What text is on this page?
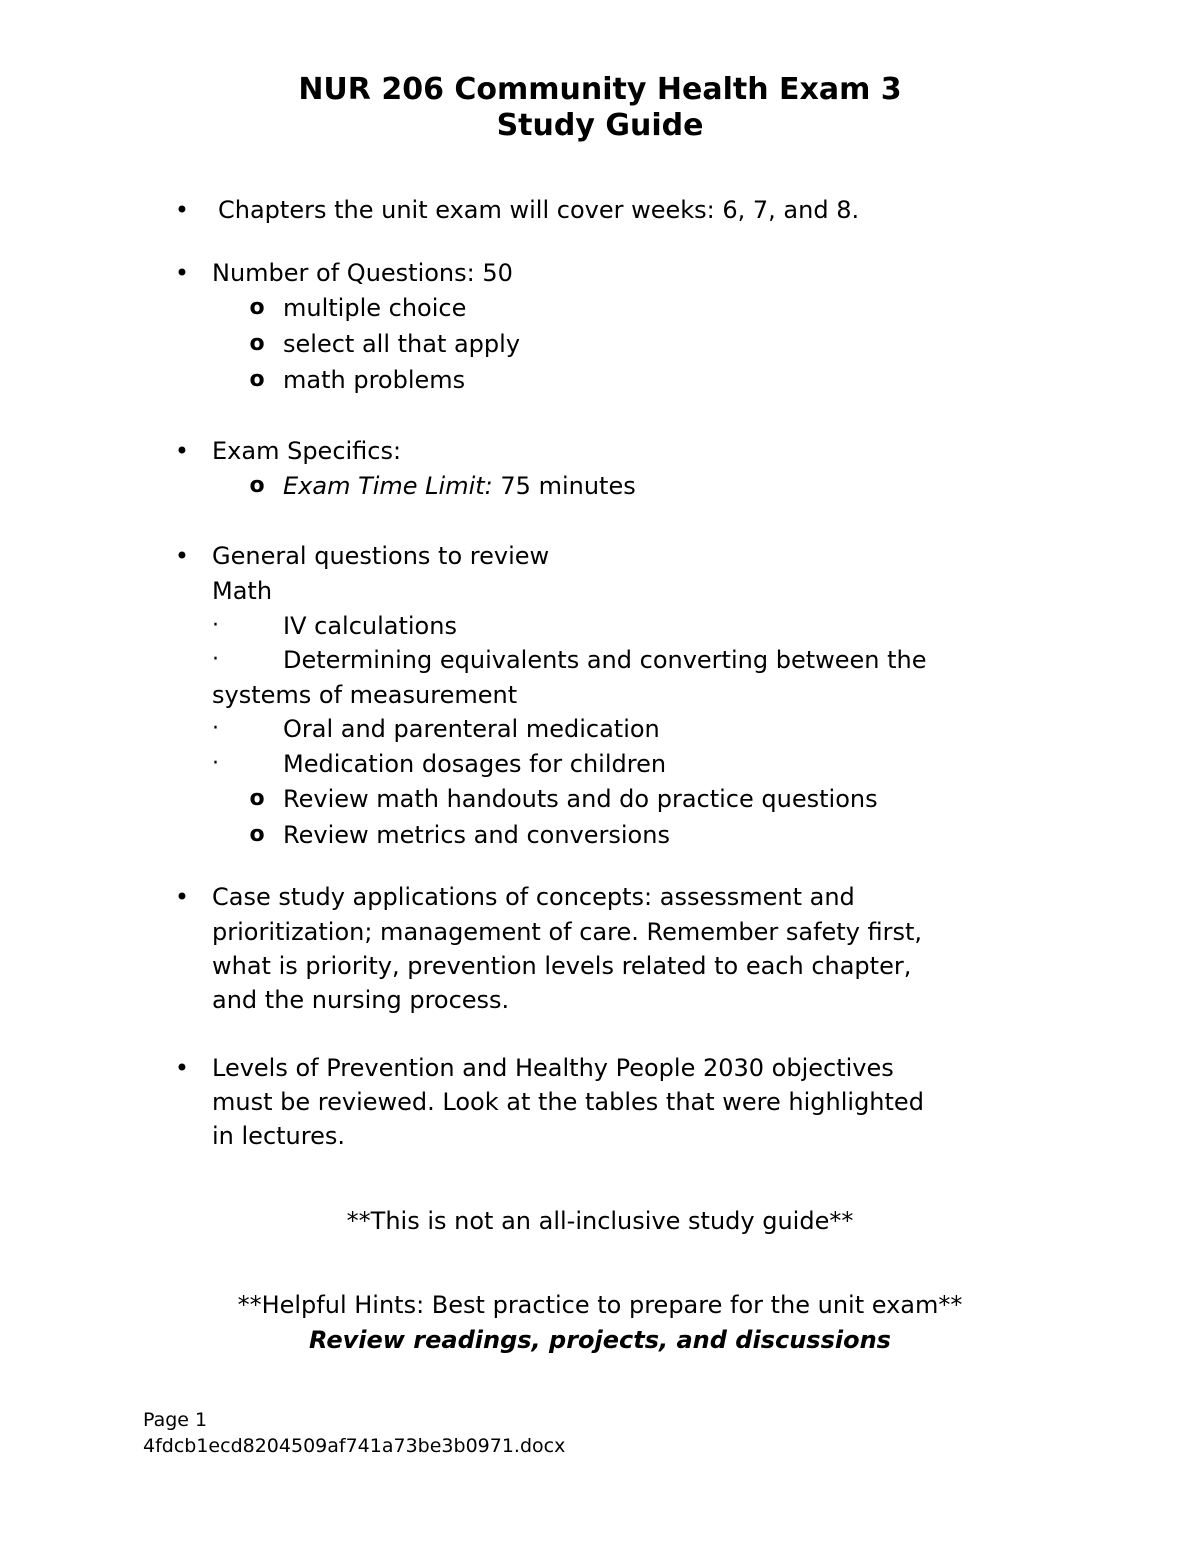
NUR 206 Community Health Exam 3
Study Guide
• Chapters the unit exam will cover weeks: 6, 7, and 8.

• Number of Questions: 50

o multiple choice

o select all that apply

o math problems

• Exam Specifics:

o Exam Time Limit: 75 minutes

• General questions to review

Math

·	IV calculations

·	Determining equivalents and converting between the

systems of measurement

·	Oral and parenteral medication

·	Medication dosages for children

o Review math handouts and do practice questions

o Review metrics and conversions

• Case study applications of concepts: assessment and

prioritization; management of care. Remember safety first,

what is priority, prevention levels related to each chapter,

and the nursing process.

• Levels of Prevention and Healthy People 2030 objectives

must be reviewed. Look at the tables that were highlighted

in lectures.

**This is not an all-inclusive study guide**

**Helpful Hints: Best practice to prepare for the unit exam**

Review readings, projects, and discussions

Page 1
4fdcb1ecd8204509af741a73be3b0971.docx
